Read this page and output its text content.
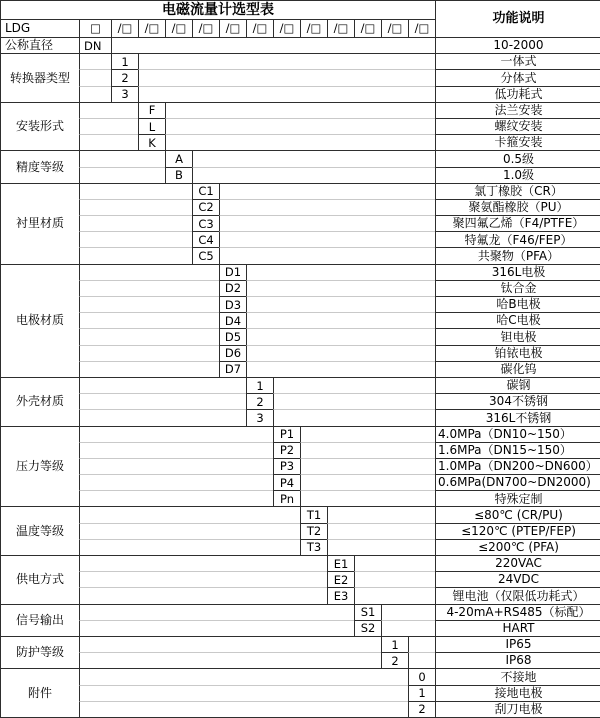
电磁流量计选型表														功能说明
LDG	□	/□	/□	/□	/□	/□	/□	/□	/□	/□	/□	/□	/□	
公称直径	DN													10-2000
转换器类型		1												一体式
		2												分体式
		3												低功耗式
安装形式			F											法兰安装
			L											螺纹安装
			K											卡箍安装
精度等级				A										0.5级
				B										1.0级
衬里材质					C1									氯丁橡胶（CR）
					C2									聚氨酯橡胶（PU）
					C3									聚四氟乙烯（F4/PTFE）
					C4									特氟龙（F46/FEP）
					C5									共聚物（PFA）
电极材质						D1								316L电极
						D2								钛合金
						D3								哈B电极
						D4								哈C电极
						D5								钽电极
						D6								铂铱电极
						D7								碳化钨
外壳材质							1							碳钢
							2							304不锈钢
							3							316L不锈钢
压力等级								P1						4.0MPa（DN10~150）
								P2						1.6MPa（DN15~150）
								P3						1.0MPa（DN200~DN600）
								P4						0.6MPa(DN700~DN2000)
								Pn						特殊定制
温度等级									T1					≤80℃ (CR/PU)
									T2					≤120℃ (PTEP/FEP)
									T3					≤200℃ (PFA)
供电方式										E1				220VAC
										E2				24VDC
										E3				锂电池（仅限低功耗式）
信号输出											S1			4-20mA+RS485（标配）
											S2			HART
防护等级												1		IP65
												2		IP68
附件													0	不接地
													1	接地电极
													2	刮刀电极
